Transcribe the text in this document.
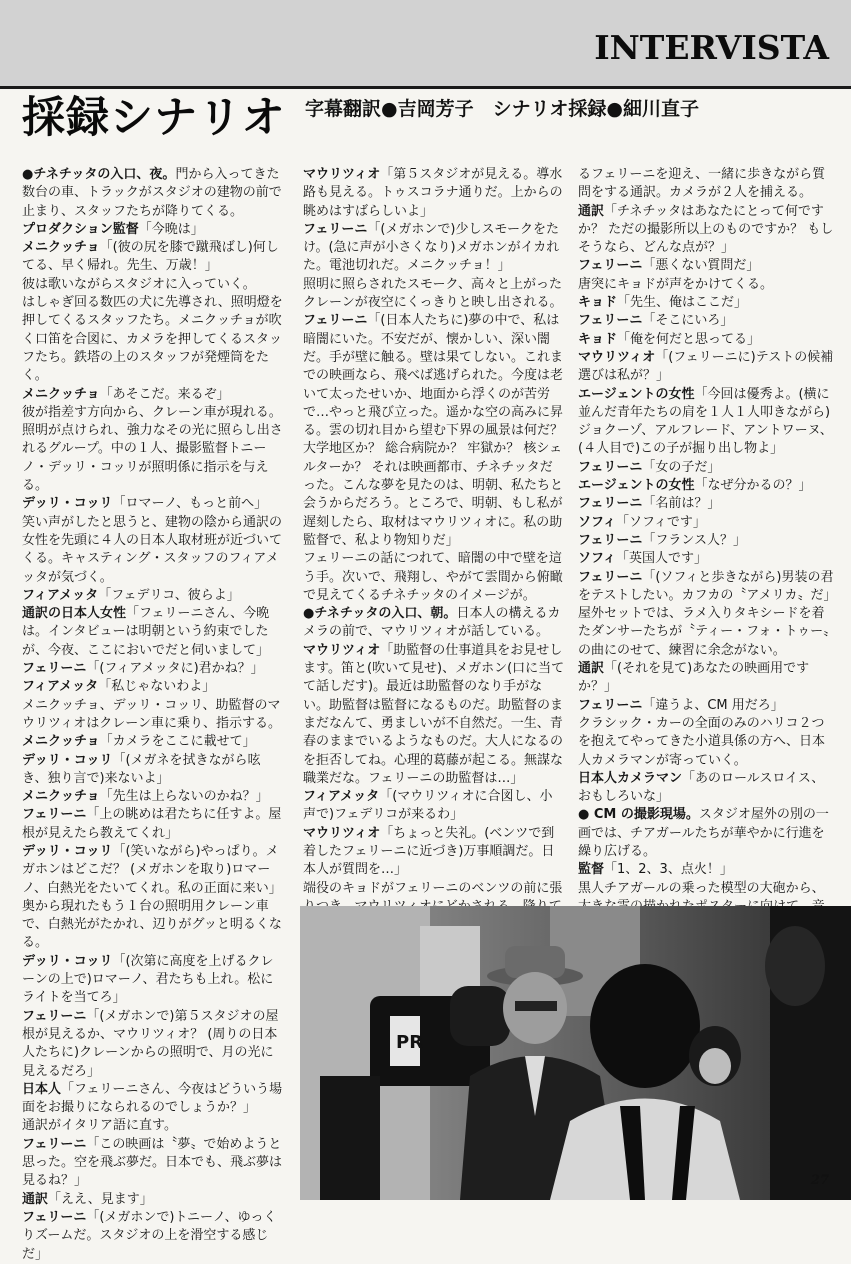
INTERVISTA
採録シナリオ 字幕翻訳●吉岡芳子　シナリオ採録●細川直子

●チネチッタの入口、夜。門から入ってきた数台の車、トラックがスタジオの建物の前で止まり、スタッフたちが降りてくる。

プロダクション監督「今晩は」

メニクッチョ「(彼の尻を膝で蹴飛ばし)何してる、早く帰れ。先生、万歳！」

彼は歌いながらスタジオに入っていく。

はしゃぎ回る数匹の犬に先導され、照明燈を押してくるスタッフたち。メニクッチョが吹く口笛を合図に、カメラを押してくるスタッフたち。鉄塔の上のスタッフが発煙筒をたく。

メニクッチョ「あそこだ。来るぞ」

彼が指差す方向から、クレーン車が現れる。照明が点けられ、強力なその光に照らし出されるグループ。中の１人、撮影監督トニーノ・デッリ・コッリが照明係に指示を与える。

デッリ・コッリ「ロマーノ、もっと前へ」

笑い声がしたと思うと、建物の陰から通訳の女性を先頭に４人の日本人取材班が近づいてくる。キャスティング・スタッフのフィアメッタが気づく。

フィアメッタ「フェデリコ、彼らよ」

通訳の日本人女性「フェリーニさん、今晩は。インタビューは明朝という約束でしたが、今夜、ここにおいでだと伺いまして」

フェリーニ「(フィアメッタに)君かね？」

フィアメッタ「私じゃないわよ」

メニクッチョ、デッリ・コッリ、助監督のマウリツィオはクレーン車に乗り、指示する。

メニクッチョ「カメラをここに載せて」

デッリ・コッリ「(メガネを拭きながら呟き、独り言で)来ないよ」

メニクッチョ「先生は上らないのかね？」

フェリーニ「上の眺めは君たちに任すよ。屋根が見えたら教えてくれ」

デッリ・コッリ「(笑いながら)やっぱり。メガホンはどこだ？ (メガホンを取り)ロマーノ、白熱光をたいてくれ。私の正面に来い」

奥から現れたもう１台の照明用クレーン車で、白熱光がたかれ、辺りがグッと明るくなる。

デッリ・コッリ「(次第に高度を上げるクレーンの上で)ロマーノ、君たちも上れ。松にライトを当てろ」

フェリーニ「(メガホンで)第５スタジオの屋根が見えるか、マウリツィオ？ (周りの日本人たちに)クレーンからの照明で、月の光に見えるだろ」

日本人「フェリーニさん、今夜はどういう場面をお撮りになられるのでしょうか？」

通訳がイタリア語に直す。

フェリーニ「この映画は〝夢〟で始めようと思った。空を飛ぶ夢だ。日本でも、飛ぶ夢は見るね？」

通訳「ええ、見ます」

フェリーニ「(メガホンで)トニーノ、ゆっくりズームだ。スタジオの上を滑空する感じだ」

マウリツィオ「第５スタジオが見える。導水路も見える。トゥスコラナ通りだ。上からの眺めはすばらしいよ」

フェリーニ「(メガホンで)少しスモークをたけ。(急に声が小さくなり)メガホンがイカれた。電池切れだ。メニクッチョ！」

照明に照らされたスモーク、高々と上がったクレーンが夜空にくっきりと映し出される。

フェリーニ「(日本人たちに)夢の中で、私は暗闇にいた。不安だが、懐かしい、深い闇だ。手が壁に触る。壁は果てしない。これまでの映画なら、飛べば逃げられた。今度は老いて太ったせいか、地面から浮くのが苦労で…やっと飛び立った。遥かな空の高みに昇る。雲の切れ目から望む下界の風景は何だ？ 大学地区か？ 総合病院か？ 牢獄か？ 核シェルターか？ それは映画都市、チネチッタだった。こんな夢を見たのは、明朝、私たちと会うからだろう。ところで、明朝、もし私が遅刻したら、取材はマウリツィオに。私の助監督で、私より物知りだ」

フェリーニの話につれて、暗闇の中で壁を這う手。次いで、飛翔し、やがて雲間から俯瞰で見えてくるチネチッタのイメージが。

●チネチッタの入口、朝。日本人の構えるカメラの前で、マウリツィオが話している。

マウリツィオ「助監督の仕事道具をお見せします。笛と(吹いて見せ)、メガホン(口に当てて話しだす)。最近は助監督のなり手がない。助監督は監督になるものだ。助監督のままだなんて、勇ましいが不自然だ。一生、青春のままでいるようなものだ。大人になるのを拒否してね。心理的葛藤が起こる。無謀な職業だな。フェリーニの助監督は…」

フィアメッタ「(マウリツィオに合図し、小声で)フェデリコが来るわ」

マウリツィオ「ちょっと失礼。(ベンツで到着したフェリーニに近づき)万事順調だ。日本人が質問を…」

端役のキョドがフェリーニのベンツの前に張

るフェリーニを迎え、一緒に歩きながら質問をする通訳。カメラが２人を捕える。

通訳「チネチッタはあなたにとって何ですか？ ただの撮影所以上のものですか？ もしそうなら、どんな点が？」

フェリーニ「悪くない質問だ」

唐突にキョドが声をかけてくる。

キョド「先生、俺はここだ」

フェリーニ「そこにいろ」

キョド「俺を何だと思ってる」

マウリツィオ「(フェリーニに)テストの候補選びは私が？」

エージェントの女性「今回は優秀よ。(横に並んだ青年たちの肩を１人１人叩きながら)ジョクーゾ、アルフレード、アントワーヌ、(４人目で)この子が掘り出し物よ」

フェリーニ「女の子だ」

エージェントの女性「なぜ分かるの？」

フェリーニ「名前は？」

ソフィ「ソフィです」

フェリーニ「フランス人？」

ソフィ「英国人です」

フェリーニ「(ソフィと歩きながら)男装の君をテストしたい。カフカの〝アメリカ〟だ」

屋外セットでは、ラメ入りタキシードを着たダンサーたちが〝ティー・フォ・トゥー〟の曲にのせて、練習に余念がない。

通訳「(それを見て)あなたの映画用ですか？」

フェリーニ「違うよ、CM 用だろ」

クラシック・カーの全面のみのハリコ２つを抱えてやってきた小道具係の方へ、日本人カメラマンが寄っていく。

日本人カメラマン「あのロールスロイス、おもしろいな」

● CM の撮影現場。スタジオ屋外の別の一画では、チアガールたちが華やかに行進を繰り広げる。

監督「1、2、3、点火！」

黒人チアガールの乗った模型の大砲から、

PR
27
